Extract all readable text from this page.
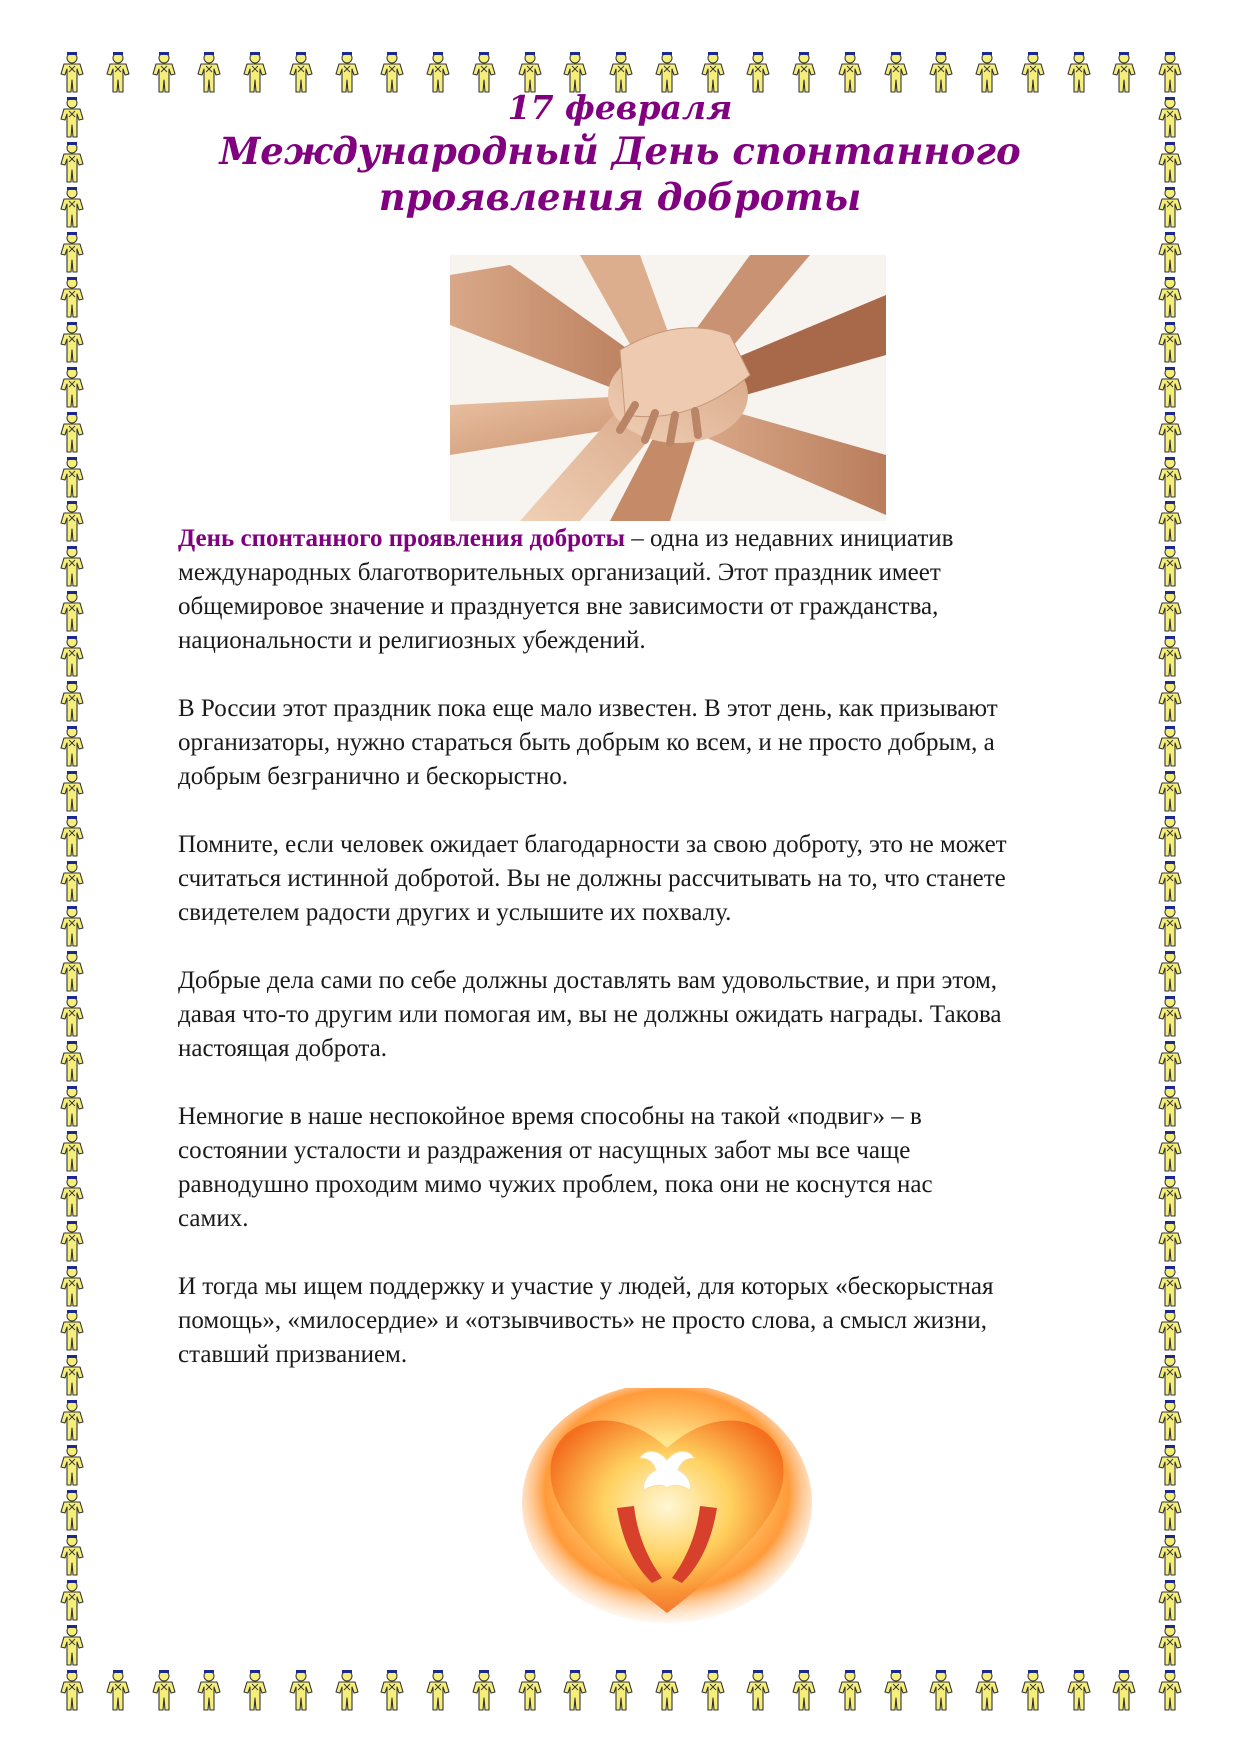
17 февраля
Международный День спонтанного
проявления доброты

День спонтанного проявления доброты – одна из недавних инициатив
международных благотворительных организаций. Этот праздник имеет
общемировое значение и празднуется вне зависимости от гражданства,
национальности и религиозных убеждений.

В России этот праздник пока еще мало известен. В этот день, как призывают
организаторы, нужно стараться быть добрым ко всем, и не просто добрым, а
добрым безгранично и бескорыстно.

Помните, если человек ожидает благодарности за свою доброту, это не может
считаться истинной добротой. Вы не должны рассчитывать на то, что станете
свидетелем радости других и услышите их похвалу.

Добрые дела сами по себе должны доставлять вам удовольствие, и при этом,
давая что-то другим или помогая им, вы не должны ожидать награды. Такова
настоящая доброта.

Немногие в наше неспокойное время способны на такой «подвиг» – в
состоянии усталости и раздражения от насущных забот мы все чаще
равнодушно проходим мимо чужих проблем, пока они не коснутся нас
самих.

И тогда мы ищем поддержку и участие у людей, для которых «бескорыстная
помощь», «милосердие» и «отзывчивость» не просто слова, а смысл жизни,
ставший призванием.
